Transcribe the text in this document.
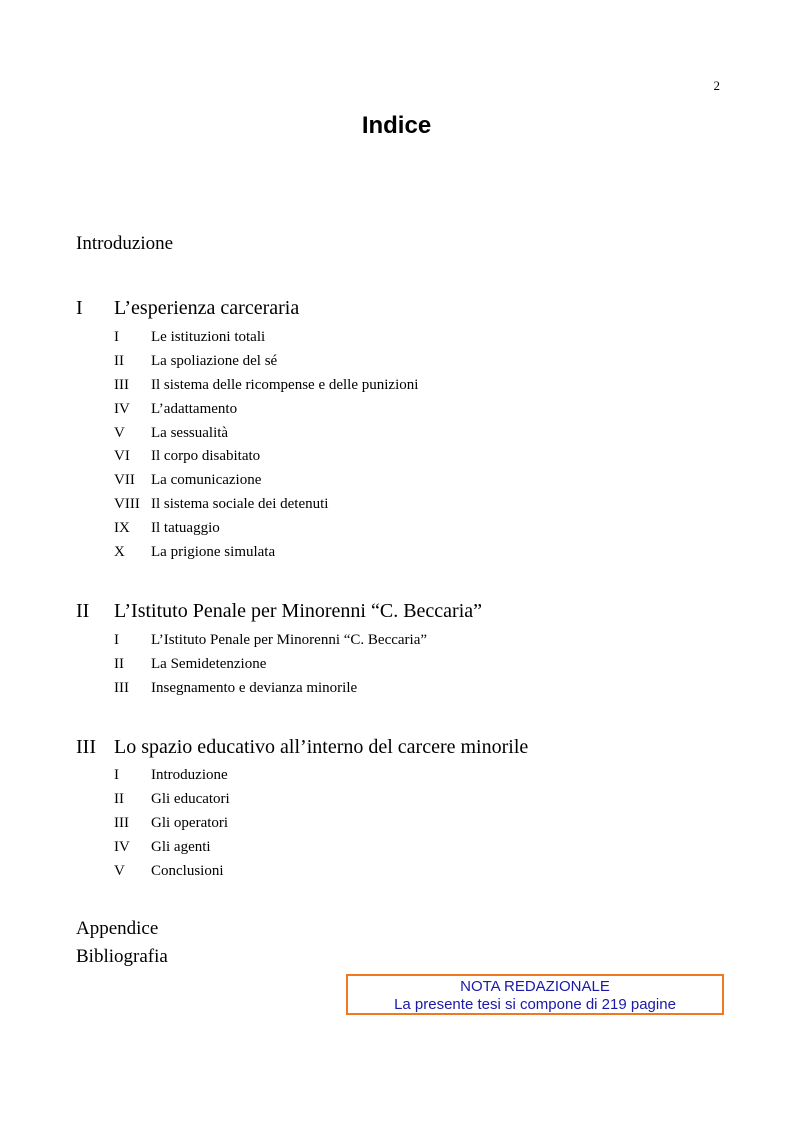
2
Indice
Introduzione
I L’esperienza carceraria
I Le istituzioni totali
II La spoliazione del sé
III Il sistema delle ricompense e delle punizioni
IV L’adattamento
V La sessualità
VI Il corpo disabitato
VII La comunicazione
VIII Il sistema sociale dei detenuti
IX Il tatuaggio
X La prigione simulata
II L’Istituto Penale per Minorenni “C. Beccaria”
I L’Istituto Penale per Minorenni “C. Beccaria”
II La Semidetenzione
III Insegnamento e devianza minorile
III Lo spazio educativo all’interno del carcere minorile
I Introduzione
II Gli educatori
III Gli operatori
IV Gli agenti
V Conclusioni
Appendice
Bibliografia
NOTA REDAZIONALE
La presente tesi si compone di 219 pagine
